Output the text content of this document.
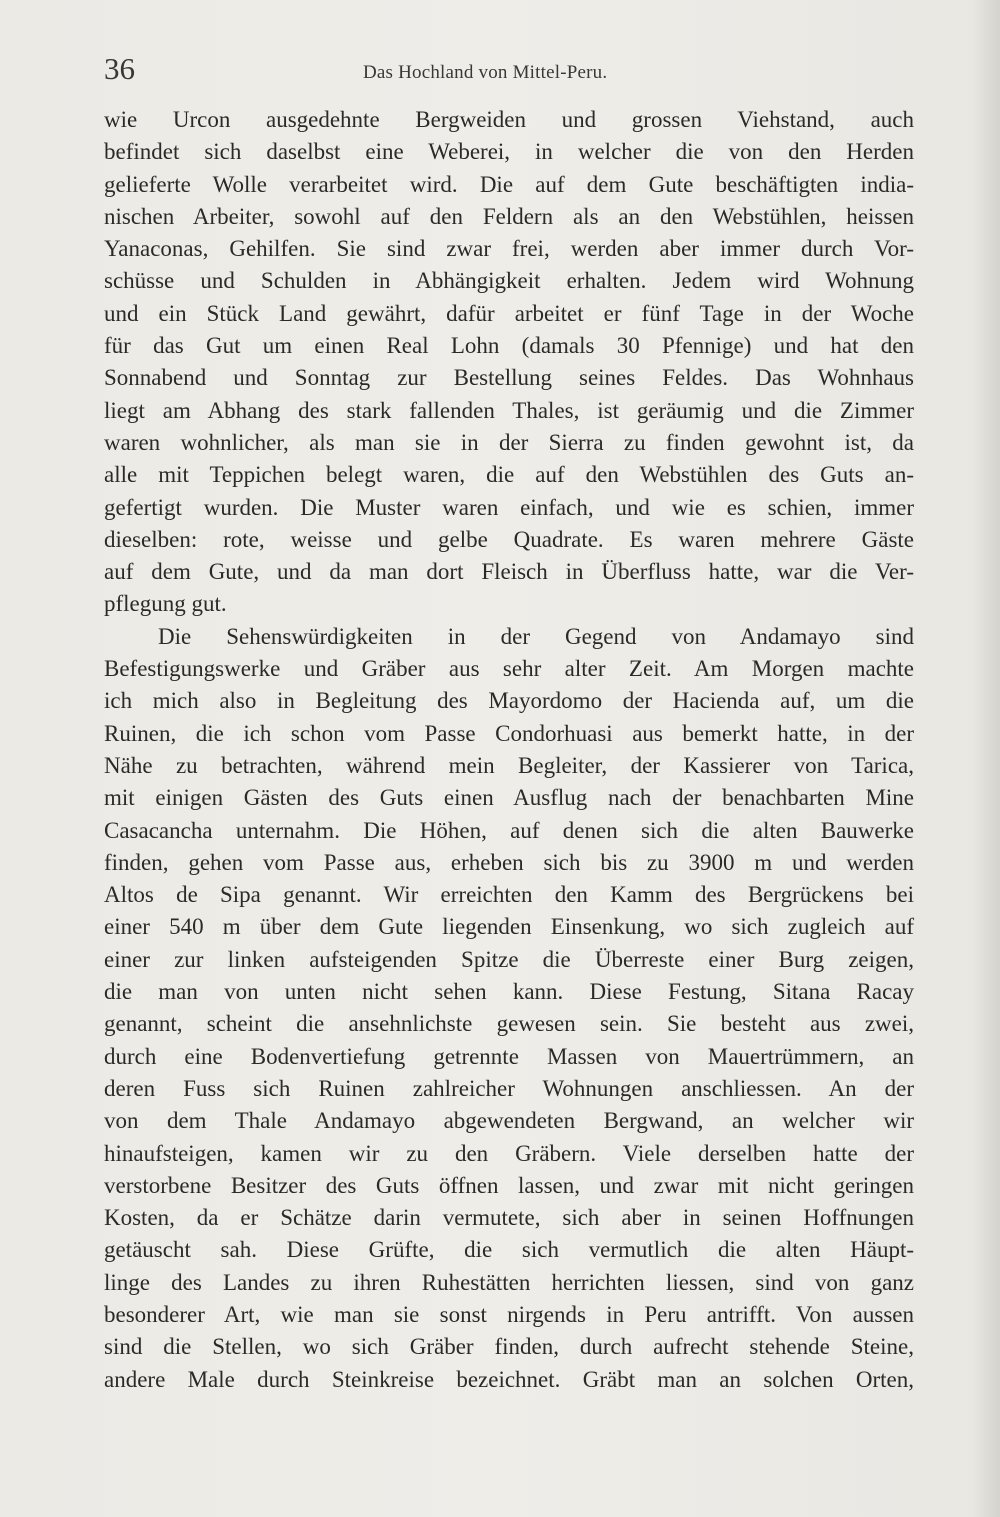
36	Das Hochland von Mittel-Peru.
wie Urcon ausgedehnte Bergweiden und grossen Viehstand, auch
befindet sich daselbst eine Weberei, in welcher die von den Herden
gelieferte Wolle verarbeitet wird. Die auf dem Gute beschäftigten india-
nischen Arbeiter, sowohl auf den Feldern als an den Webstühlen, heissen
Yanaconas, Gehilfen. Sie sind zwar frei, werden aber immer durch Vor-
schüsse und Schulden in Abhängigkeit erhalten. Jedem wird Wohnung
und ein Stück Land gewährt, dafür arbeitet er fünf Tage in der Woche
für das Gut um einen Real Lohn (damals 30 Pfennige) und hat den
Sonnabend und Sonntag zur Bestellung seines Feldes. Das Wohnhaus
liegt am Abhang des stark fallenden Thales, ist geräumig und die Zimmer
waren wohnlicher, als man sie in der Sierra zu finden gewohnt ist, da
alle mit Teppichen belegt waren, die auf den Webstühlen des Guts an-
gefertigt wurden. Die Muster waren einfach, und wie es schien, immer
dieselben: rote, weisse und gelbe Quadrate. Es waren mehrere Gäste
auf dem Gute, und da man dort Fleisch in Überfluss hatte, war die Ver-
pflegung gut.
Die Sehenswürdigkeiten in der Gegend von Andamayo sind
Befestigungswerke und Gräber aus sehr alter Zeit. Am Morgen machte
ich mich also in Begleitung des Mayordomo der Hacienda auf, um die
Ruinen, die ich schon vom Passe Condorhuasi aus bemerkt hatte, in der
Nähe zu betrachten, während mein Begleiter, der Kassierer von Tarica,
mit einigen Gästen des Guts einen Ausflug nach der benachbarten Mine
Casacancha unternahm. Die Höhen, auf denen sich die alten Bauwerke
finden, gehen vom Passe aus, erheben sich bis zu 3900 m und werden
Altos de Sipa genannt. Wir erreichten den Kamm des Bergrückens bei
einer 540 m über dem Gute liegenden Einsenkung, wo sich zugleich auf
einer zur linken aufsteigenden Spitze die Überreste einer Burg zeigen,
die man von unten nicht sehen kann. Diese Festung, Sitana Racay
genannt, scheint die ansehnlichste gewesen sein. Sie besteht aus zwei,
durch eine Bodenvertiefung getrennte Massen von Mauertrümmern, an
deren Fuss sich Ruinen zahlreicher Wohnungen anschliessen. An der
von dem Thale Andamayo abgewendeten Bergwand, an welcher wir
hinaufsteigen, kamen wir zu den Gräbern. Viele derselben hatte der
verstorbene Besitzer des Guts öffnen lassen, und zwar mit nicht geringen
Kosten, da er Schätze darin vermutete, sich aber in seinen Hoffnungen
getäuscht sah. Diese Grüfte, die sich vermutlich die alten Häupt-
linge des Landes zu ihren Ruhestätten herrichten liessen, sind von ganz
besonderer Art, wie man sie sonst nirgends in Peru antrifft. Von aussen
sind die Stellen, wo sich Gräber finden, durch aufrecht stehende Steine,
andere Male durch Steinkreise bezeichnet. Gräbt man an solchen Orten,
